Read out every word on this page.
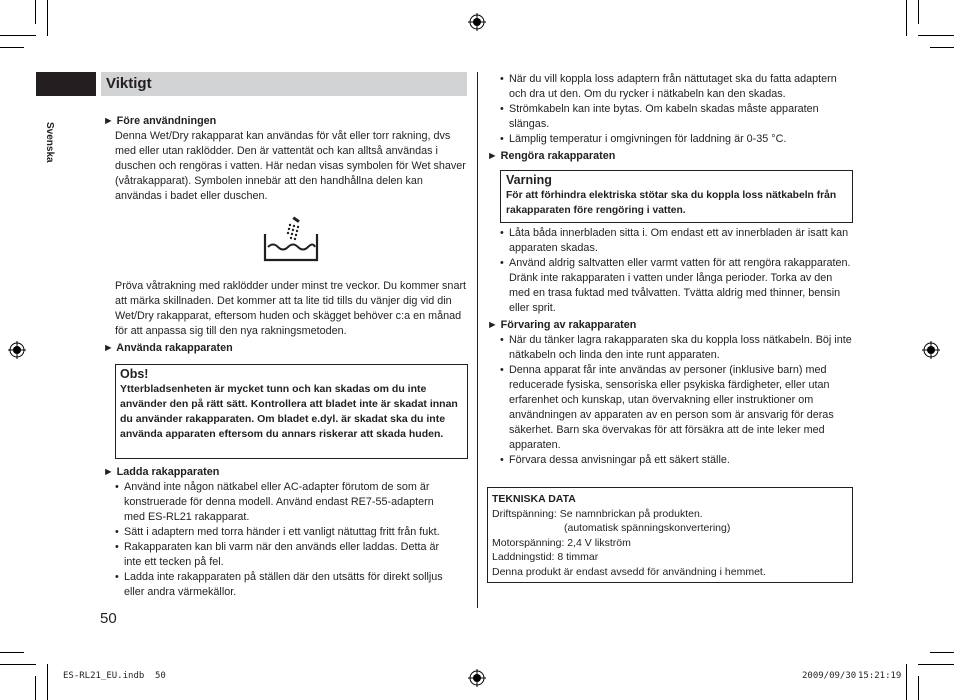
Svenska
Viktigt
► Före användningen
Denna Wet/Dry rakapparat kan användas för våt eller torr rakning, dvs med eller utan raklödder. Den är vattentät och kan alltså användas i duschen och rengöras i vatten. Här nedan visas symbolen för Wet shaver (våtrakapparat). Symbolen innebär att den handhållna delen kan användas i badet eller duschen.
Pröva våtrakning med raklödder under minst tre veckor. Du kommer snart att märka skillnaden. Det kommer att ta lite tid tills du vänjer dig vid din Wet/Dry rakapparat, eftersom huden och skägget behöver c:a en månad för att anpassa sig till den nya rakningsmetoden.
► Använda rakapparaten
Obs!
Ytterbladsenheten är mycket tunn och kan skadas om du inte använder den på rätt sätt. Kontrollera att bladet inte är skadat innan du använder rakapparaten. Om bladet e.dyl. är skadat ska du inte använda apparaten eftersom du annars riskerar att skada huden.
► Ladda rakapparaten
• Använd inte någon nätkabel eller AC-adapter förutom de som är konstruerade för denna modell. Använd endast RE7-55-adaptern med ES-RL21 rakapparat.
• Sätt i adaptern med torra händer i ett vanligt nätuttag fritt från fukt.
• Rakapparaten kan bli varm när den används eller laddas. Detta är inte ett tecken på fel.
• Ladda inte rakapparaten på ställen där den utsätts för direkt solljus eller andra värmekällor.
50
• När du vill koppla loss adaptern från nättutaget ska du fatta adaptern och dra ut den. Om du rycker i nätkabeln kan den skadas.
• Strömkabeln kan inte bytas. Om kabeln skadas måste apparaten slängas.
• Lämplig temperatur i omgivningen för laddning är 0-35 °C.
► Rengöra rakapparaten
Varning
För att förhindra elektriska stötar ska du koppla loss nätkabeln från rakapparaten före rengöring i vatten.
• Låta båda innerbladen sitta i. Om endast ett av innerbladen är isatt kan apparaten skadas.
• Använd aldrig saltvatten eller varmt vatten för att rengöra rakapparaten. Dränk inte rakapparaten i vatten under långa perioder. Torka av den med en trasa fuktad med tvålvatten. Tvätta aldrig med thinner, bensin eller sprit.
► Förvaring av rakapparaten
• När du tänker lagra rakapparaten ska du koppla loss nätkabeln. Böj inte nätkabeln och linda den inte runt apparaten.
• Denna apparat får inte användas av personer (inklusive barn) med reducerade fysiska, sensoriska eller psykiska färdigheter, eller utan erfarenhet och kunskap, utan övervakning eller instruktioner om användningen av apparaten av en person som är ansvarig för deras säkerhet. Barn ska övervakas för att försäkra att de inte leker med apparaten.
• Förvara dessa anvisningar på ett säkert ställe.
TEKNISKA DATA
Driftspänning: Se namnbrickan på produkten.
(automatisk spänningskonvertering)
Motorspänning: 2,4 V likström
Laddningstid: 8 timmar
Denna produkt är endast avsedd för användning i hemmet.
ES-RL21_EU.indb 50	2009/09/30 15:21:19
